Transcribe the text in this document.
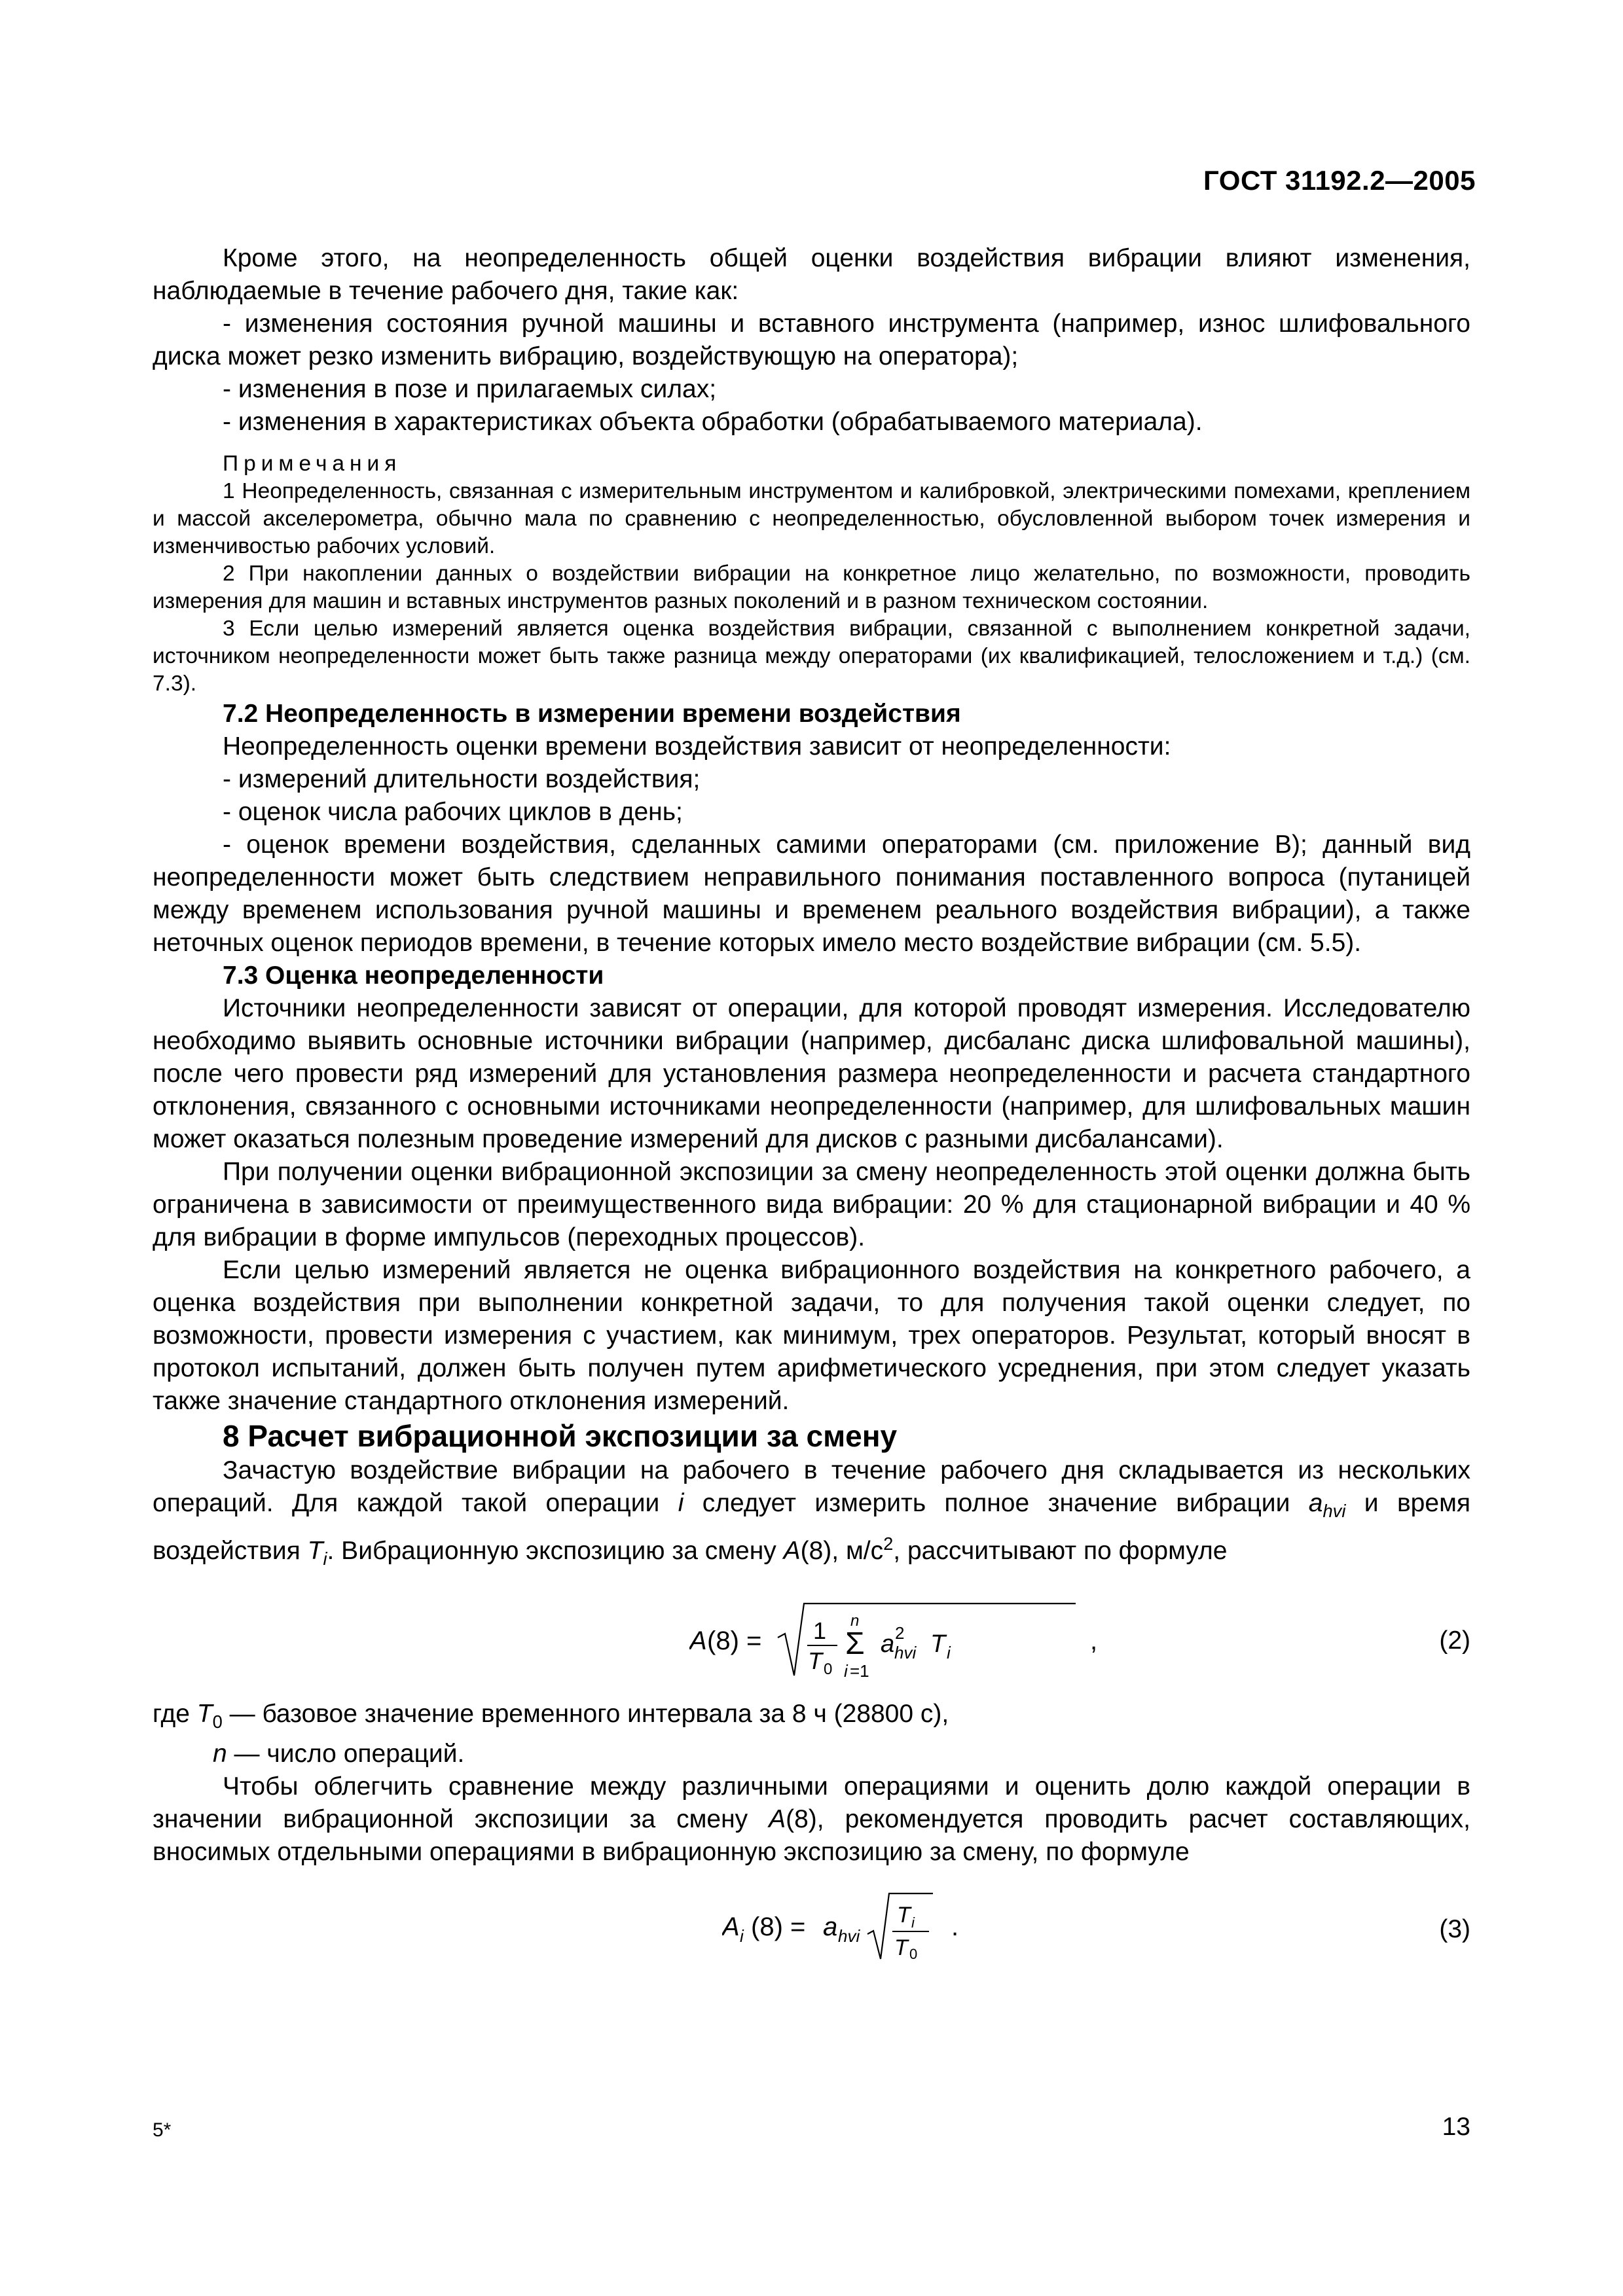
ГОСТ 31192.2—2005

Кроме этого, на неопределенность общей оценки воздействия вибрации влияют изменения, наблюдаемые в течение рабочего дня, такие как:

- изменения состояния ручной машины и вставного инструмента (например, износ шлифовального диска может резко изменить вибрацию, воздействующую на оператора);

- изменения в позе и прилагаемых силах;

- изменения в характеристиках объекта обработки (обрабатываемого материала).

Примечания

1 Неопределенность, связанная с измерительным инструментом и калибровкой, электрическими помехами, креплением и массой акселерометра, обычно мала по сравнению с неопределенностью, обусловленной выбором точек измерения и изменчивостью рабочих условий.

2 При накоплении данных о воздействии вибрации на конкретное лицо желательно, по возможности, проводить измерения для машин и вставных инструментов разных поколений и в разном техническом состоянии.

3 Если целью измерений является оценка воздействия вибрации, связанной с выполнением конкретной задачи, источником неопределенности может быть также разница между операторами (их квалификацией, телосложением и т.д.) (см. 7.3).

7.2 Неопределенность в измерении времени воздействия

Неопределенность оценки времени воздействия зависит от неопределенности:

- измерений длительности воздействия;

- оценок числа рабочих циклов в день;

- оценок времени воздействия, сделанных самими операторами (см. приложение В); данный вид неопределенности может быть следствием неправильного понимания поставленного вопроса (путаницей между временем использования ручной машины и временем реального воздействия вибрации), а также неточных оценок периодов времени, в течение которых имело место воздействие вибрации (см. 5.5).

7.3 Оценка неопределенности

Источники неопределенности зависят от операции, для которой проводят измерения. Исследователю необходимо выявить основные источники вибрации (например, дисбаланс диска шлифовальной машины), после чего провести ряд измерений для установления размера неопределенности и расчета стандартного отклонения, связанного с основными источниками неопределенности (например, для шлифовальных машин может оказаться полезным проведение измерений для дисков с разными дисбалансами).

При получении оценки вибрационной экспозиции за смену неопределенность этой оценки должна быть ограничена в зависимости от преимущественного вида вибрации: 20 % для стационарной вибрации и 40 % для вибрации в форме импульсов (переходных процессов).

Если целью измерений является не оценка вибрационного воздействия на конкретного рабочего, а оценка воздействия при выполнении конкретной задачи, то для получения такой оценки следует, по возможности, провести измерения с участием, как минимум, трех операторов. Результат, который вносят в протокол испытаний, должен быть получен путем арифметического усреднения, при этом следует указать также значение стандартного отклонения измерений.

8 Расчет вибрационной экспозиции за смену

Зачастую воздействие вибрации на рабочего в течение рабочего дня складывается из нескольких операций. Для каждой такой операции i следует измерить полное значение вибрации $a_{hvi}$ и время воздействия $T_i$. Вибрационную экспозицию за смену A(8), $м/с^2$, рассчитывают по формуле

A (8) = 1
T 0
n
Σ
i =1
a 2
hvi T i	,	(2)

где $T_0$ — базовое значение временного интервала за 8 ч (28800 с),

n — число операций.

Чтобы облегчить сравнение между различными операциями и оценить долю каждой операции в значении вибрационной экспозиции за смену A(8), рекомендуется проводить расчет составляющих, вносимых отдельными операциями в вибрационную экспозицию за смену, по формуле

A i (8) = a hvi
T i
T 0
.	(3)
5*	13
